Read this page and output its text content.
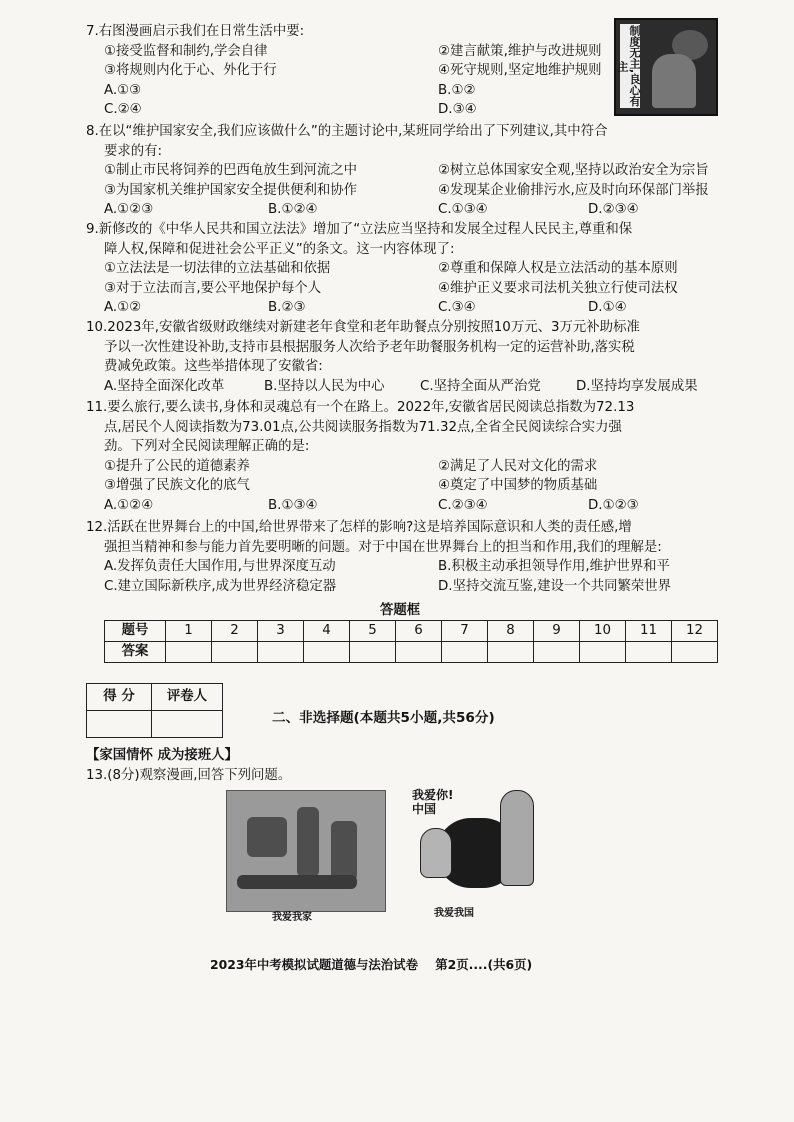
7.右图漫画启示我们在日常生活中要:
①接受监督和制约,学会自律	②建言献策,维护与改进规则
③将规则内化于心、外化于行	④死守规则,坚定地维护规则
A.①③	B.①②
C.②④	D.③④
制度无主,良心有主
8.在以“维护国家安全,我们应该做什么”的主题讨论中,某班同学给出了下列建议,其中符合
要求的有:
①制止市民将饲养的巴西龟放生到河流之中	②树立总体国家安全观,坚持以政治安全为宗旨
③为国家机关维护国家安全提供便利和协作	④发现某企业偷排污水,应及时向环保部门举报
A.①②③	B.①②④	C.①③④	D.②③④
9.新修改的《中华人民共和国立法法》增加了“立法应当坚持和发展全过程人民民主,尊重和保
障人权,保障和促进社会公平正义”的条文。这一内容体现了:
①立法法是一切法律的立法基础和依据	②尊重和保障人权是立法活动的基本原则
③对于立法而言,要公平地保护每个人	④维护正义要求司法机关独立行使司法权
A.①②	B.②③	C.③④	D.①④
10.2023年,安徽省级财政继续对新建老年食堂和老年助餐点分别按照10万元、3万元补助标准
予以一次性建设补助,支持市县根据服务人次给予老年助餐服务机构一定的运营补助,落实税
费减免政策。这些举措体现了安徽省:
A.坚持全面深化改革	B.坚持以人民为中心	C.坚持全面从严治党	D.坚持均享发展成果
11.要么旅行,要么读书,身体和灵魂总有一个在路上。2022年,安徽省居民阅读总指数为72.13
点,居民个人阅读指数为73.01点,公共阅读服务指数为71.32点,全省全民阅读综合实力强
劲。下列对全民阅读理解正确的是:
①提升了公民的道德素养	②满足了人民对文化的需求
③增强了民族文化的底气	④奠定了中国梦的物质基础
A.①②④	B.①③④	C.②③④	D.①②③
12.活跃在世界舞台上的中国,给世界带来了怎样的影响?这是培养国际意识和人类的责任感,增
强担当精神和参与能力首先要明晰的问题。对于中国在世界舞台上的担当和作用,我们的理解是:
A.发挥负责任大国作用,与世界深度互动	B.积极主动承担领导作用,维护世界和平
C.建立国际新秩序,成为世界经济稳定器	D.坚持交流互鉴,建设一个共同繁荣世界
答题框
题号	1	2	3	4	5	6	7	8	9	10	11	12
答案												
得 分	评卷人

二、非选择题(本题共5小题,共56分)
【家国情怀 成为接班人】
13.(8分)观察漫画,回答下列问题。
我爱我家
我爱你!
中国
我爱我国
2023年中考模拟试题道德与法治试卷    第2页....(共6页)
